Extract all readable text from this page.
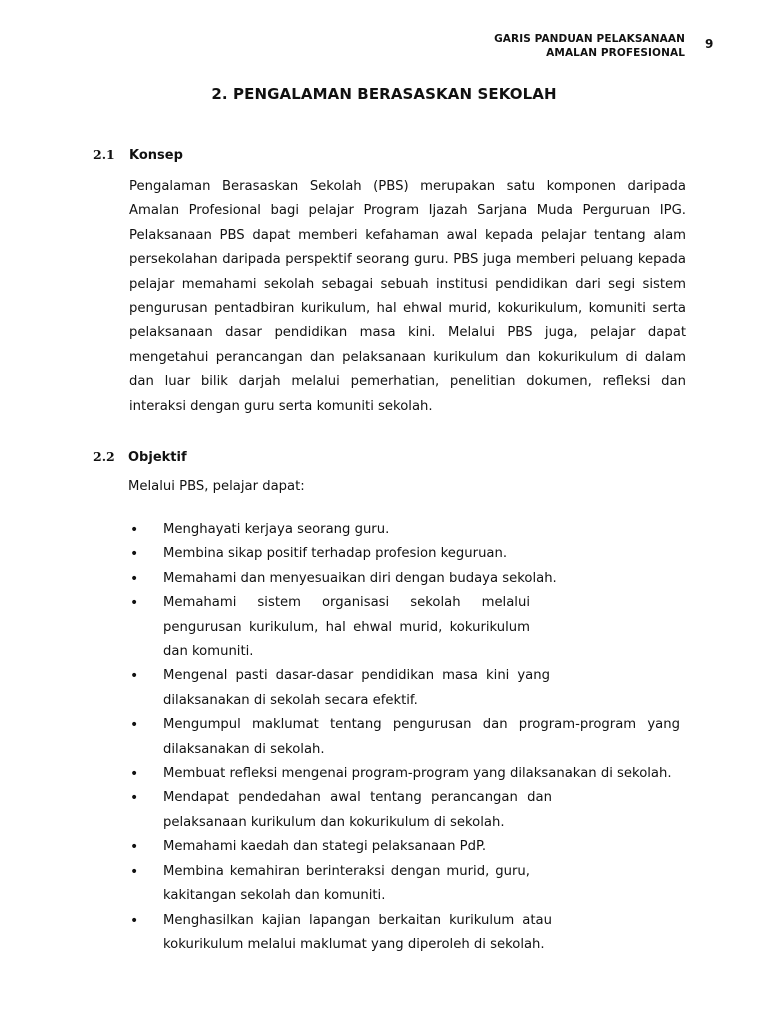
GARIS PANDUAN PELAKSANAAN
AMALAN PROFESIONAL
9
2. PENGALAMAN BERASASKAN SEKOLAH
2.1 Konsep

Pengalaman Berasaskan Sekolah (PBS) merupakan satu komponen daripada Amalan Profesional bagi pelajar Program Ijazah Sarjana Muda Perguruan IPG. Pelaksanaan PBS dapat memberi kefahaman awal kepada pelajar tentang alam persekolahan daripada perspektif seorang guru. PBS juga memberi peluang kepada pelajar memahami sekolah sebagai sebuah institusi pendidikan dari segi sistem pengurusan pentadbiran kurikulum, hal ehwal murid, kokurikulum, komuniti serta pelaksanaan dasar pendidikan masa kini. Melalui PBS juga, pelajar dapat mengetahui perancangan dan pelaksanaan kurikulum dan kokurikulum di dalam dan luar bilik darjah melalui pemerhatian, penelitian dokumen, refleksi dan interaksi dengan guru serta komuniti sekolah.

2.2 Objektif

Melalui PBS, pelajar dapat:

• Menghayati kerjaya seorang guru.
• Membina sikap positif terhadap profesion keguruan.
• Memahami dan menyesuaikan diri dengan budaya sekolah.
• Memahami sistem organisasi sekolah melalui pengurusan kurikulum, hal ehwal murid, kokurikulum dan komuniti.
• Mengenal pasti dasar-dasar pendidikan masa kini yang dilaksanakan di sekolah secara efektif.
• Mengumpul maklumat tentang pengurusan dan program-program yang dilaksanakan di sekolah.
• Membuat refleksi mengenai program-program yang dilaksanakan di sekolah.
• Mendapat pendedahan awal tentang perancangan dan pelaksanaan kurikulum dan kokurikulum di sekolah.
• Memahami kaedah dan stategi pelaksanaan PdP.
• Membina kemahiran berinteraksi dengan murid, guru, kakitangan sekolah dan komuniti.
• Menghasilkan kajian lapangan berkaitan kurikulum atau kokurikulum melalui maklumat yang diperoleh di sekolah.
